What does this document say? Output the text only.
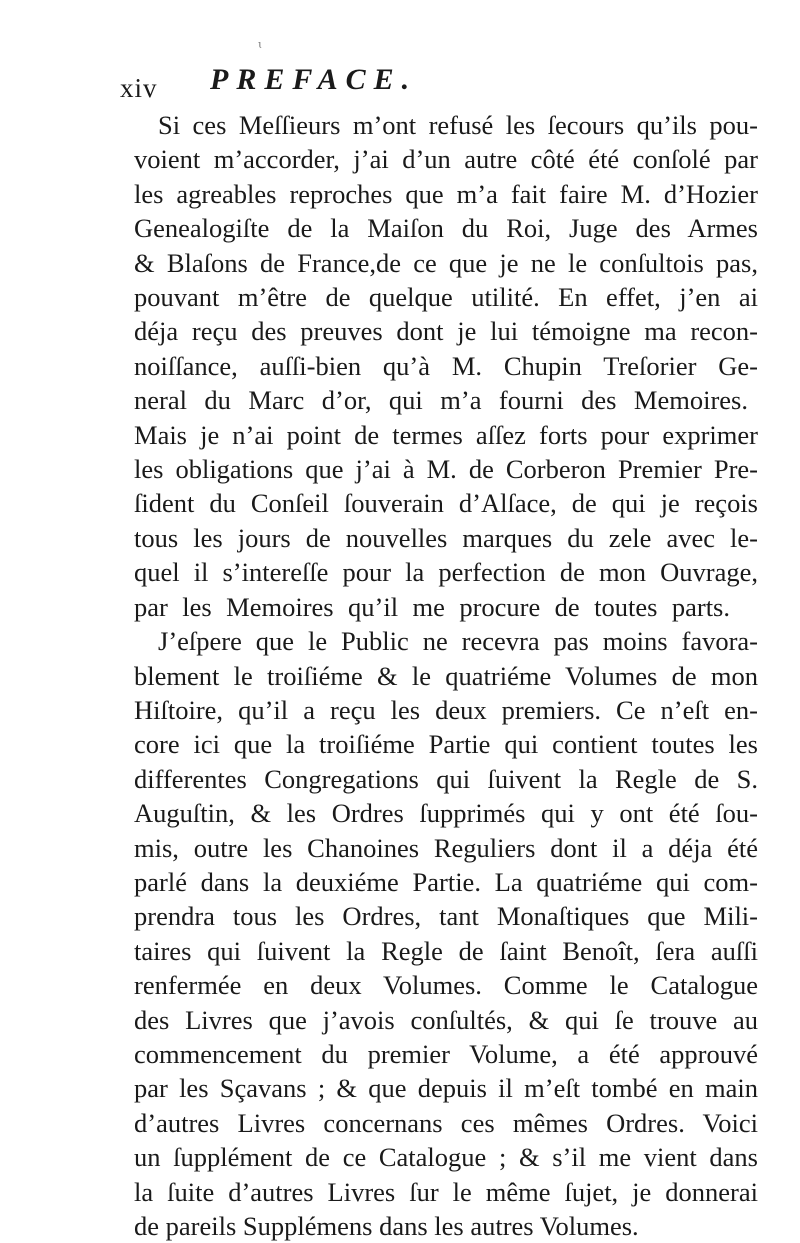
ɩ
xiv PREFACE.
Si ces Meſſieurs m’ont refusé les ſecours qu’ils pou-
voient m’accorder, j’ai d’un autre côté été conſolé par
les agreables reproches que m’a fait faire M. d’Hozier
Genealogiſte de la Maiſon du Roi, Juge des Armes
& Blaſons de France,de ce que je ne le conſultois pas,
pouvant m’être de quelque utilité. En effet, j’en ai
déja reçu des preuves dont je lui témoigne ma recon-
noiſſance, auſſi-bien qu’à M. Chupin Treſorier Ge-
neral du Marc d’or, qui m’a fourni des Memoires.
Mais je n’ai point de termes aſſez forts pour exprimer
les obligations que j’ai à M. de Corberon Premier Pre-
ſident du Conſeil ſouverain d’Alſace, de qui je reçois
tous les jours de nouvelles marques du zele avec le-
quel il s’intereſſe pour la perfection de mon Ouvrage,
par les Memoires qu’il me procure de toutes parts.
J’eſpere que le Public ne recevra pas moins favora-
blement le troiſiéme & le quatriéme Volumes de mon
Hiſtoire, qu’il a reçu les deux premiers. Ce n’eſt en-
core ici que la troiſiéme Partie qui contient toutes les
differentes Congregations qui ſuivent la Regle de S.
Auguſtin, & les Ordres ſupprimés qui y ont été ſou-
mis, outre les Chanoines Reguliers dont il a déja été
parlé dans la deuxiéme Partie. La quatriéme qui com-
prendra tous les Ordres, tant Monaſtiques que Mili-
taires qui ſuivent la Regle de ſaint Benoît, ſera auſſi
renfermée en deux Volumes. Comme le Catalogue
des Livres que j’avois conſultés, & qui ſe trouve au
commencement du premier Volume, a été approuvé
par les Sçavans ; & que depuis il m’eſt tombé en main
d’autres Livres concernans ces mêmes Ordres. Voici
un ſupplément de ce Catalogue ; & s’il me vient dans
la ſuite d’autres Livres ſur le même ſujet, je donnerai
de pareils Supplémens dans les autres Volumes.
